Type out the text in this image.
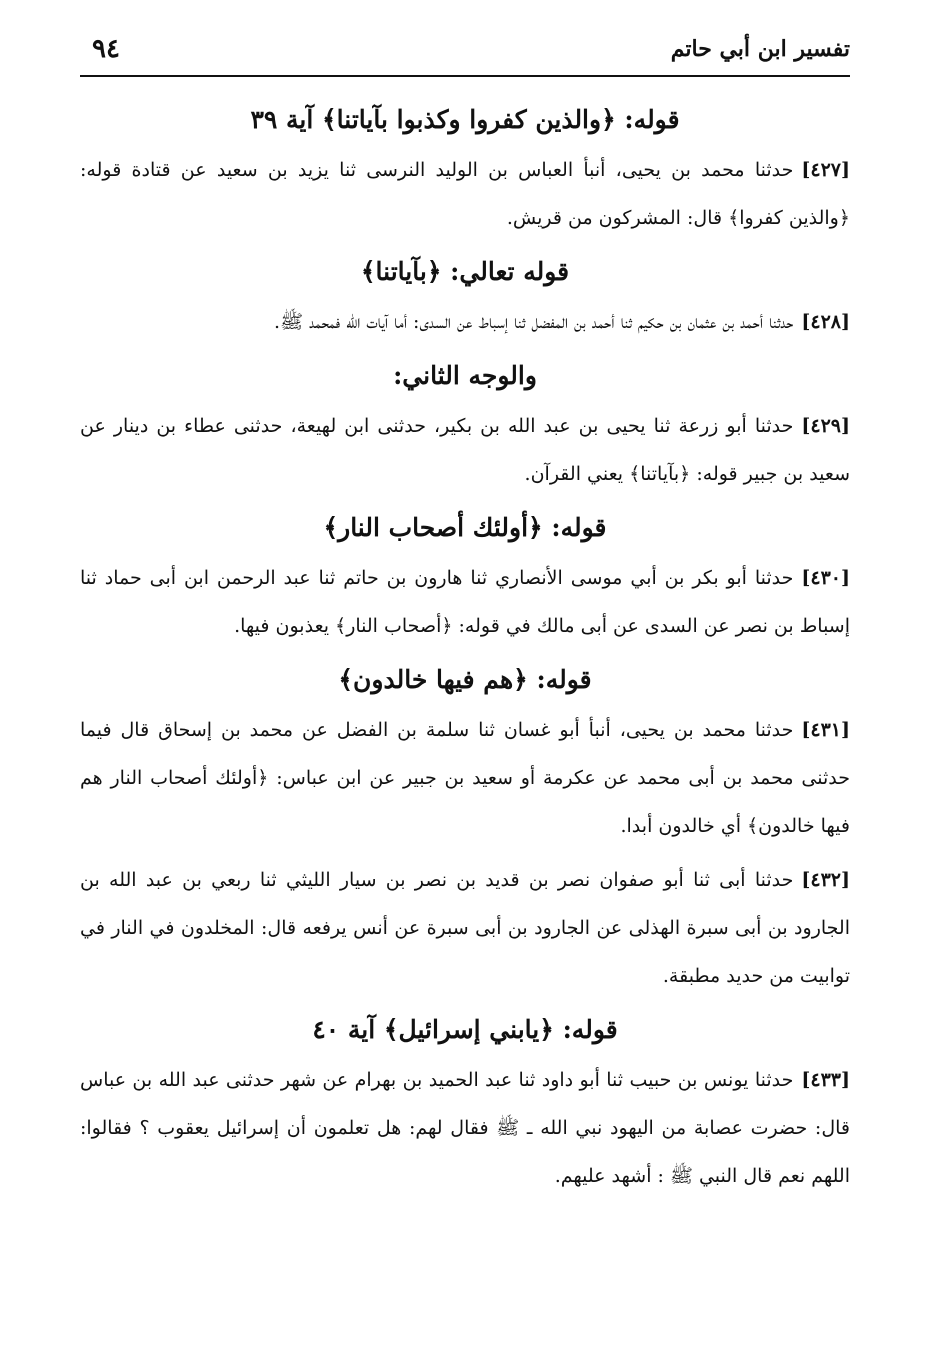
تفسير ابن أبي حاتم
٩٤
قوله: ﴿والذين كفروا وكذبوا بآياتنا﴾ آية ٣٩
[٤٢٧]حدثنا محمد بن يحيى، أنبأ العباس بن الوليد النرسى ثنا يزيد بن سعيد عن قتادة قوله: ﴿والذين كفروا﴾ قال: المشركون من قريش.
قوله تعالي: ﴿بآياتنا﴾
[٤٢٨]حدثنا أحمد بن عثمان بن حكيم ثنا أحمد بن المفضل ثنا إسباط عن السدى: أما آيات الله فمحمد ﷺ.
والوجه الثاني:
[٤٢٩]حدثنا أبو زرعة ثنا يحيى بن عبد الله بن بكير، حدثنى ابن لهيعة، حدثنى عطاء بن دينار عن سعيد بن جبير قوله: ﴿بآياتنا﴾ يعني القرآن.
قوله: ﴿أولئك أصحاب النار﴾
[٤٣٠]حدثنا أبو بكر بن أبي موسى الأنصاري ثنا هارون بن حاتم ثنا عبد الرحمن ابن أبى حماد ثنا إسباط بن نصر عن السدى عن أبى مالك في قوله: ﴿أصحاب النار﴾ يعذبون فيها.
قوله: ﴿هم فيها خالدون﴾
[٤٣١]حدثنا محمد بن يحيى، أنبأ أبو غسان ثنا سلمة بن الفضل عن محمد بن إسحاق قال فيما حدثنى محمد بن أبى محمد عن عكرمة أو سعيد بن جبير عن ابن عباس: ﴿أولئك أصحاب النار هم فيها خالدون﴾ أي خالدون أبدا.
[٤٣٢]حدثنا أبى ثنا أبو صفوان نصر بن قديد بن نصر بن سيار الليثي ثنا ربعي بن عبد الله بن الجارود بن أبى سبرة الهذلى عن الجارود بن أبى سبرة عن أنس يرفعه قال: المخلدون في النار في توابيت من حديد مطبقة.
قوله: ﴿يابني إسرائيل﴾ آية ٤٠
[٤٣٣]حدثنا يونس بن حبيب ثنا أبو داود ثنا عبد الحميد بن بهرام عن شهر حدثنى عبد الله بن عباس قال: حضرت عصابة من اليهود نبي الله ـ ﷺ فقال لهم: هل تعلمون أن إسرائيل يعقوب ؟ فقالوا: اللهم نعم قال النبي ﷺ : أشهد عليهم.
